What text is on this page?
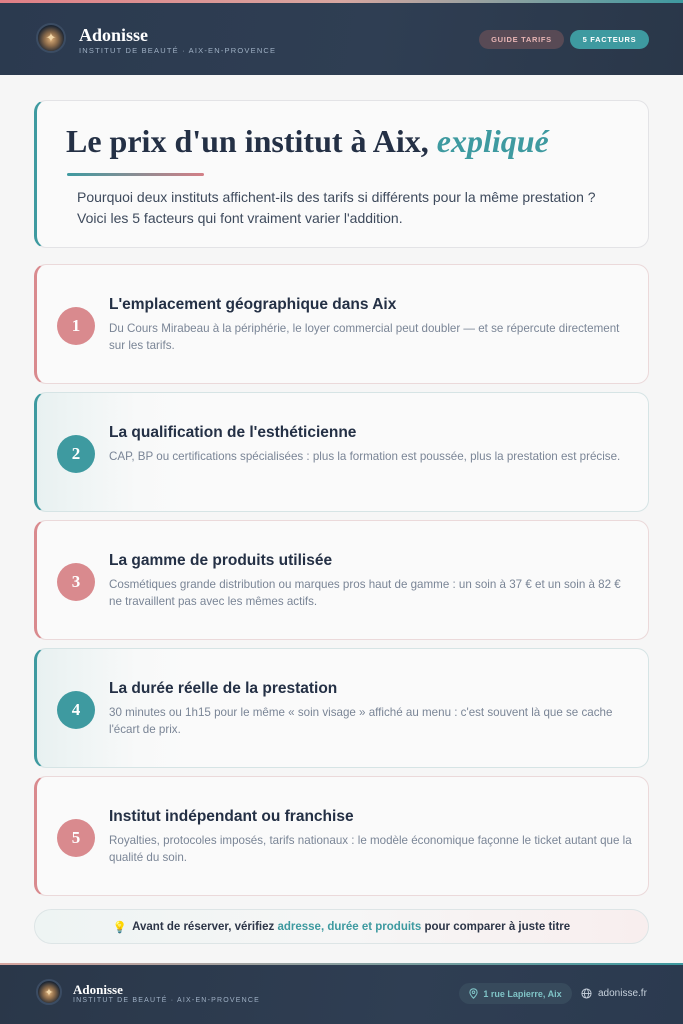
✦	Adonisse
INSTITUT DE BEAUTÉ · AIX-EN-PROVENCE
GUIDE TARIFS	5 FACTEURS
Le prix d'un institut à Aix, expliqué

Pourquoi deux instituts affichent-ils des tarifs si différents pour la même prestation ? Voici les 5 facteurs qui font vraiment varier l'addition.

1
L'emplacement géographique dans Aix

Du Cours Mirabeau à la périphérie, le loyer commercial peut doubler — et se répercute directement sur les tarifs.

2
La qualification de l'esthéticienne

CAP, BP ou certifications spécialisées : plus la formation est poussée, plus la prestation est précise.

3
La gamme de produits utilisée

Cosmétiques grande distribution ou marques pros haut de gamme : un soin à 37 € et un soin à 82 € ne travaillent pas avec les mêmes actifs.

4
La durée réelle de la prestation

30 minutes ou 1h15 pour le même « soin visage » affiché au menu : c'est souvent là que se cache l'écart de prix.

5
Institut indépendant ou franchise

Royalties, protocoles imposés, tarifs nationaux : le modèle économique façonne le ticket autant que la qualité du soin.

💡 Avant de réserver, vérifiez
adresse, durée et produits
pour comparer à juste titre
✦	Adonisse
INSTITUT DE BEAUTÉ · AIX-EN-PROVENCE
1 rue Lapierre, Aix	adonisse.fr
